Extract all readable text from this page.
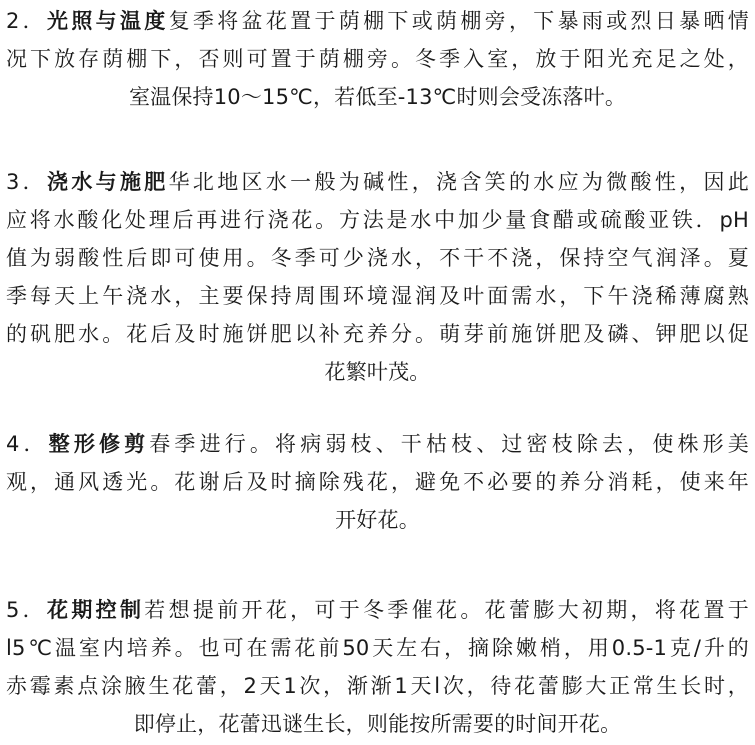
2．光照与温度复季将盆花置于荫棚下或荫棚旁，下暴雨或烈日暴晒情
况下放存荫棚下，否则可置于荫棚旁。冬季入室，放于阳光充足之处，
室温保持10～15℃，若低至-13℃时则会受冻落叶。
3．浇水与施肥华北地区水一般为碱性，浇含笑的水应为微酸性，因此
应将水酸化处理后再进行浇花。方法是水中加少量食醋或硫酸亚铁．pH
值为弱酸性后即可使用。冬季可少浇水，不干不浇，保持空气润泽。夏
季每天上午浇水，主要保持周围环境湿润及叶面需水，下午浇稀薄腐熟
的矾肥水。花后及时施饼肥以补充养分。萌芽前施饼肥及磷、钾肥以促
花繁叶茂。
4．整形修剪春季进行。将病弱枝、干枯枝、过密枝除去，使株形美
观，通风透光。花谢后及时摘除残花，避免不必要的养分消耗，使来年
开好花。
5．花期控制若想提前开花，可于冬季催花。花蕾膨大初期，将花置于
l5℃温室内培养。也可在需花前50天左右，摘除嫩梢，用0.5-1克/升的
赤霉素点涂腋生花蕾，2天1次，渐渐1天l次，待花蕾膨大正常生长时，
即停止，花蕾迅谜生长，则能按所需要的时间开花。
